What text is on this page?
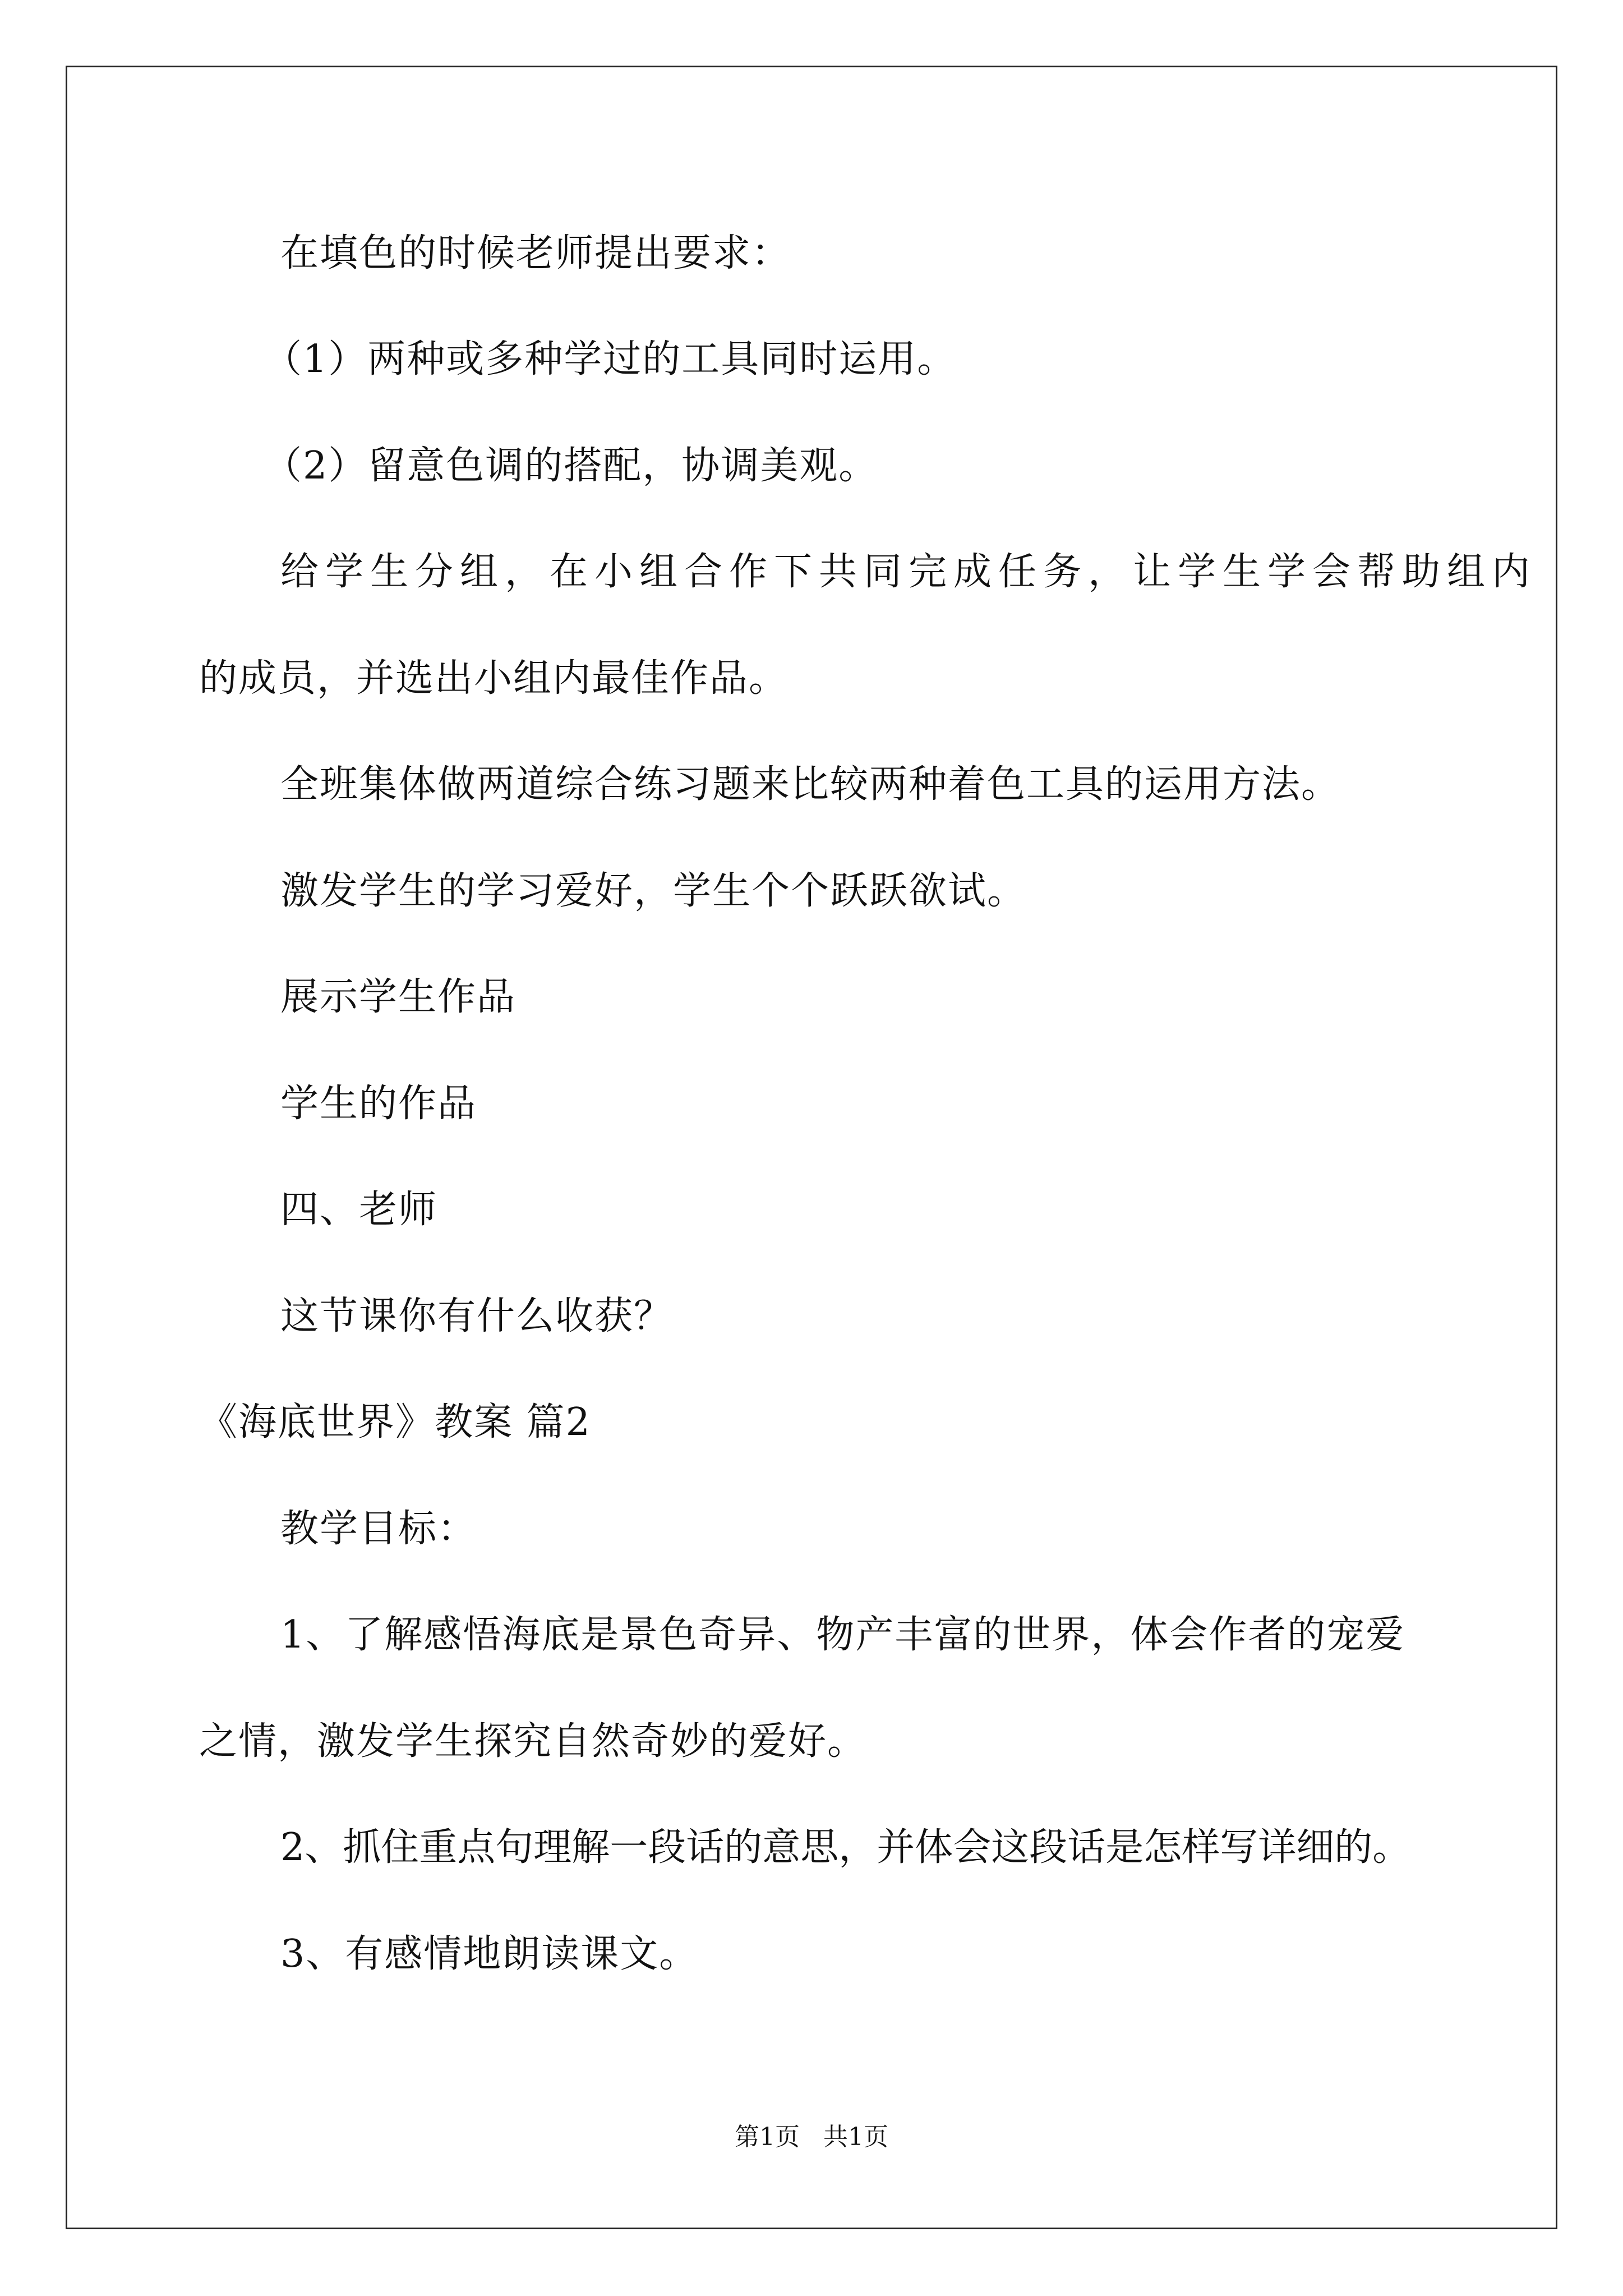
在填色的时候老师提出要求：
（1）两种或多种学过的工具同时运用。
（2）留意色调的搭配，协调美观。
给学生分组，在小组合作下共同完成任务，让学生学会帮助组内
的成员，并选出小组内最佳作品。
全班集体做两道综合练习题来比较两种着色工具的运用方法。
激发学生的学习爱好，学生个个跃跃欲试。
展示学生作品
学生的作品
四、老师
这节课你有什么收获？
《海底世界》教案 篇2
教学目标：
1、了解感悟海底是景色奇异、物产丰富的世界，体会作者的宠爱
之情，激发学生探究自然奇妙的爱好。
2、抓住重点句理解一段话的意思，并体会这段话是怎样写详细的。
3、有感情地朗读课文。
第1页   共1页
